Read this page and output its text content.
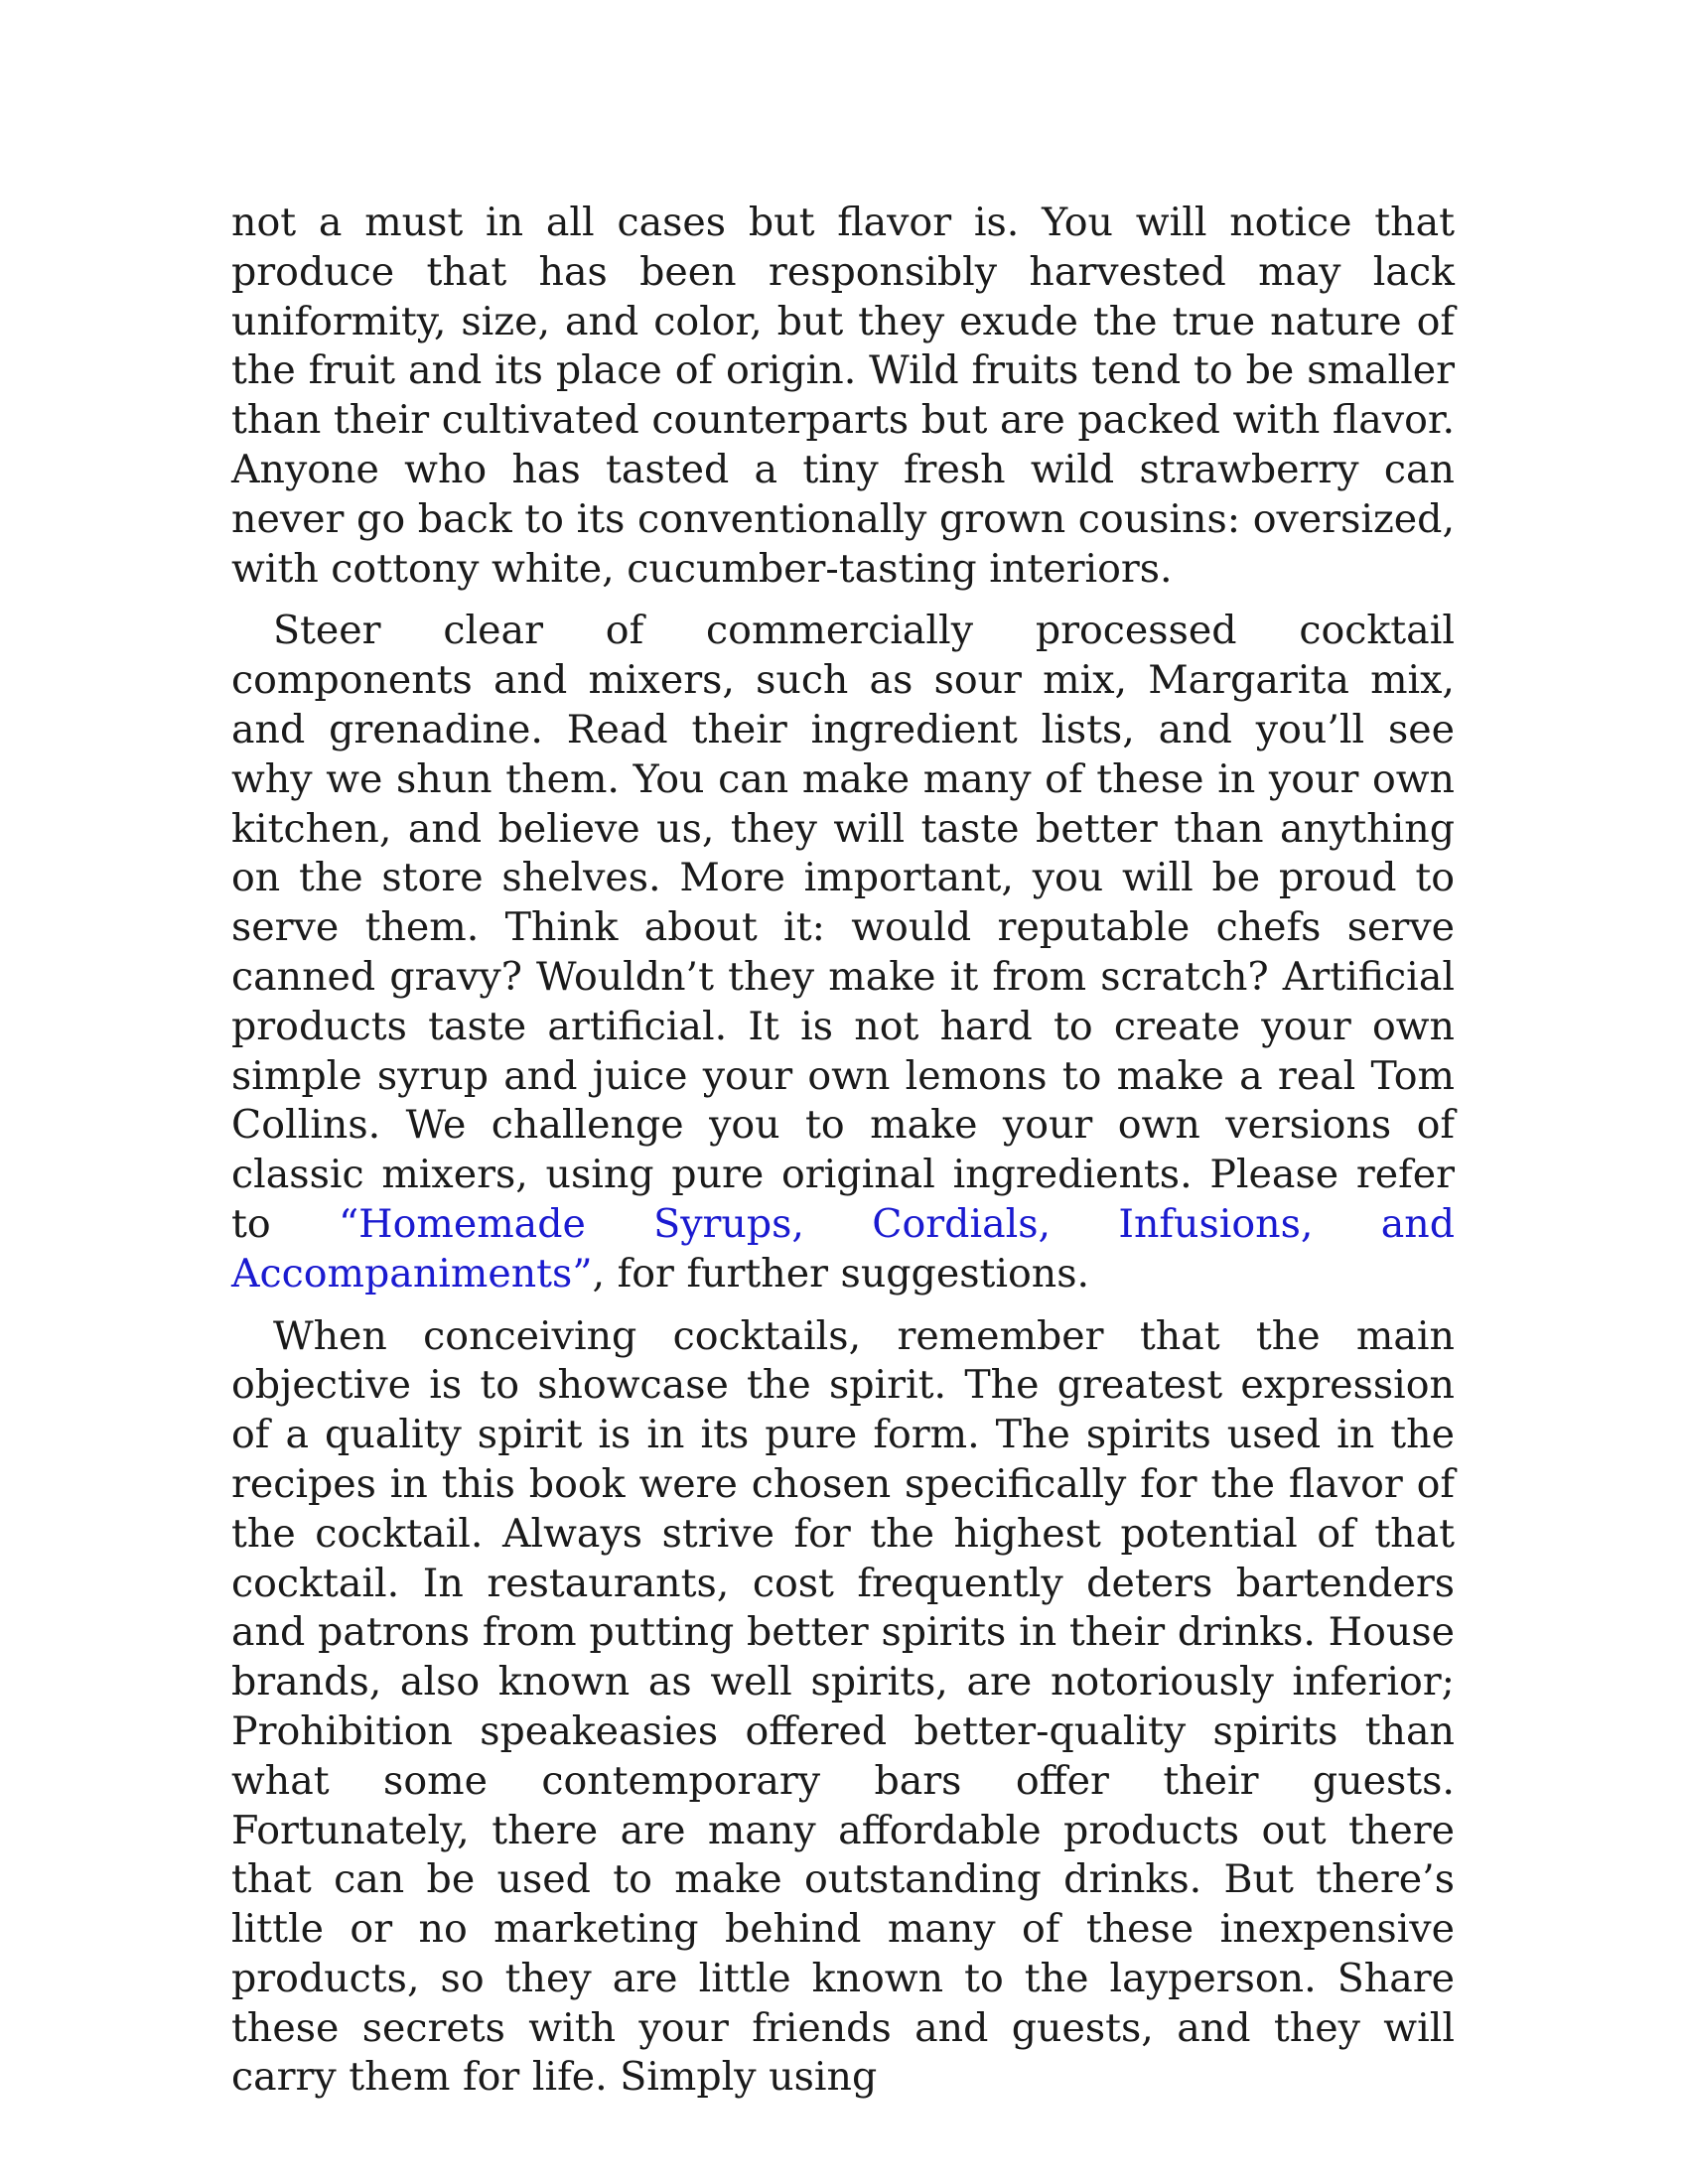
not a must in all cases but flavor is. You will notice that produce that has been responsibly harvested may lack uniformity, size, and color, but they exude the true nature of the fruit and its place of origin. Wild fruits tend to be smaller than their cultivated counterparts but are packed with flavor. Anyone who has tasted a tiny fresh wild strawberry can never go back to its conventionally grown cousins: oversized, with cottony white, cucumber-tasting interiors.

Steer clear of commercially processed cocktail components and mixers, such as sour mix, Margarita mix, and grenadine. Read their ingredient lists, and you’ll see why we shun them. You can make many of these in your own kitchen, and believe us, they will taste better than anything on the store shelves. More important, you will be proud to serve them. Think about it: would reputable chefs serve canned gravy? Wouldn’t they make it from scratch? Artificial products taste artificial. It is not hard to create your own simple syrup and juice your own lemons to make a real Tom Collins. We challenge you to make your own versions of classic mixers, using pure original ingredients. Please refer to “Homemade Syrups, Cordials, Infusions, and Accompaniments”, for further suggestions.

When conceiving cocktails, remember that the main objective is to showcase the spirit. The greatest expression of a quality spirit is in its pure form. The spirits used in the recipes in this book were chosen specifically for the flavor of the cocktail. Always strive for the highest potential of that cocktail. In restaurants, cost frequently deters bartenders and patrons from putting better spirits in their drinks. House brands, also known as well spirits, are notoriously inferior; Prohibition speakeasies offered better-quality spirits than what some contemporary bars offer their guests. Fortunately, there are many affordable products out there that can be used to make outstanding drinks. But there’s little or no marketing behind many of these inexpensive products, so they are little known to the layperson. Share these secrets with your friends and guests, and they will carry them for life. Simply using
